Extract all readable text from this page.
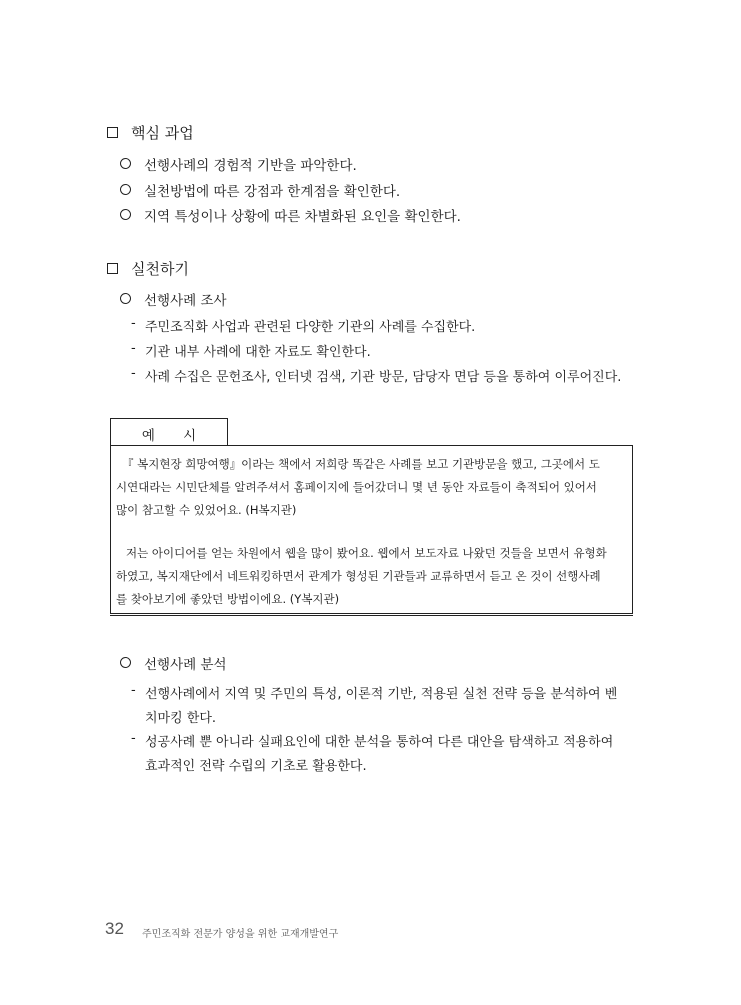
핵심 과업
선행사례의 경험적 기반을 파악한다.
실천방법에 따른 강점과 한계점을 확인한다.
지역 특성이나 상황에 따른 차별화된 요인을 확인한다.
실천하기
선행사례 조사
- 주민조직화 사업과 관련된 다양한 기관의 사례를 수집한다.
- 기관 내부 사례에 대한 자료도 확인한다.
- 사례 수집은 문헌조사, 인터넷 검색, 기관 방문, 담당자 면담 등을 통하여 이루어진다.
예 시
『 복지현장 희망여행』이라는 책에서 저희랑 똑같은 사례를 보고 기관방문을 했고, 그곳에서 도
시연대라는 시민단체를 알려주셔서 홈페이지에 들어갔더니 몇 년 동안 자료들이 축적되어 있어서
많이 참고할 수 있었어요. (H복지관)
저는 아이디어를 얻는 차원에서 웹을 많이 봤어요. 웹에서 보도자료 나왔던 것들을 보면서 유형화
하였고, 복지재단에서 네트워킹하면서 관계가 형성된 기관들과 교류하면서 듣고 온 것이 선행사례
를 찾아보기에 좋았던 방법이에요. (Y복지관)
선행사례 분석
- 선행사례에서 지역 및 주민의 특성, 이론적 기반, 적용된 실천 전략 등을 분석하여 벤
치마킹 한다.
- 성공사례 뿐 아니라 실패요인에 대한 분석을 통하여 다른 대안을 탐색하고 적용하여
효과적인 전략 수립의 기초로 활용한다.
32 주민조직화 전문가 양성을 위한 교재개발연구
